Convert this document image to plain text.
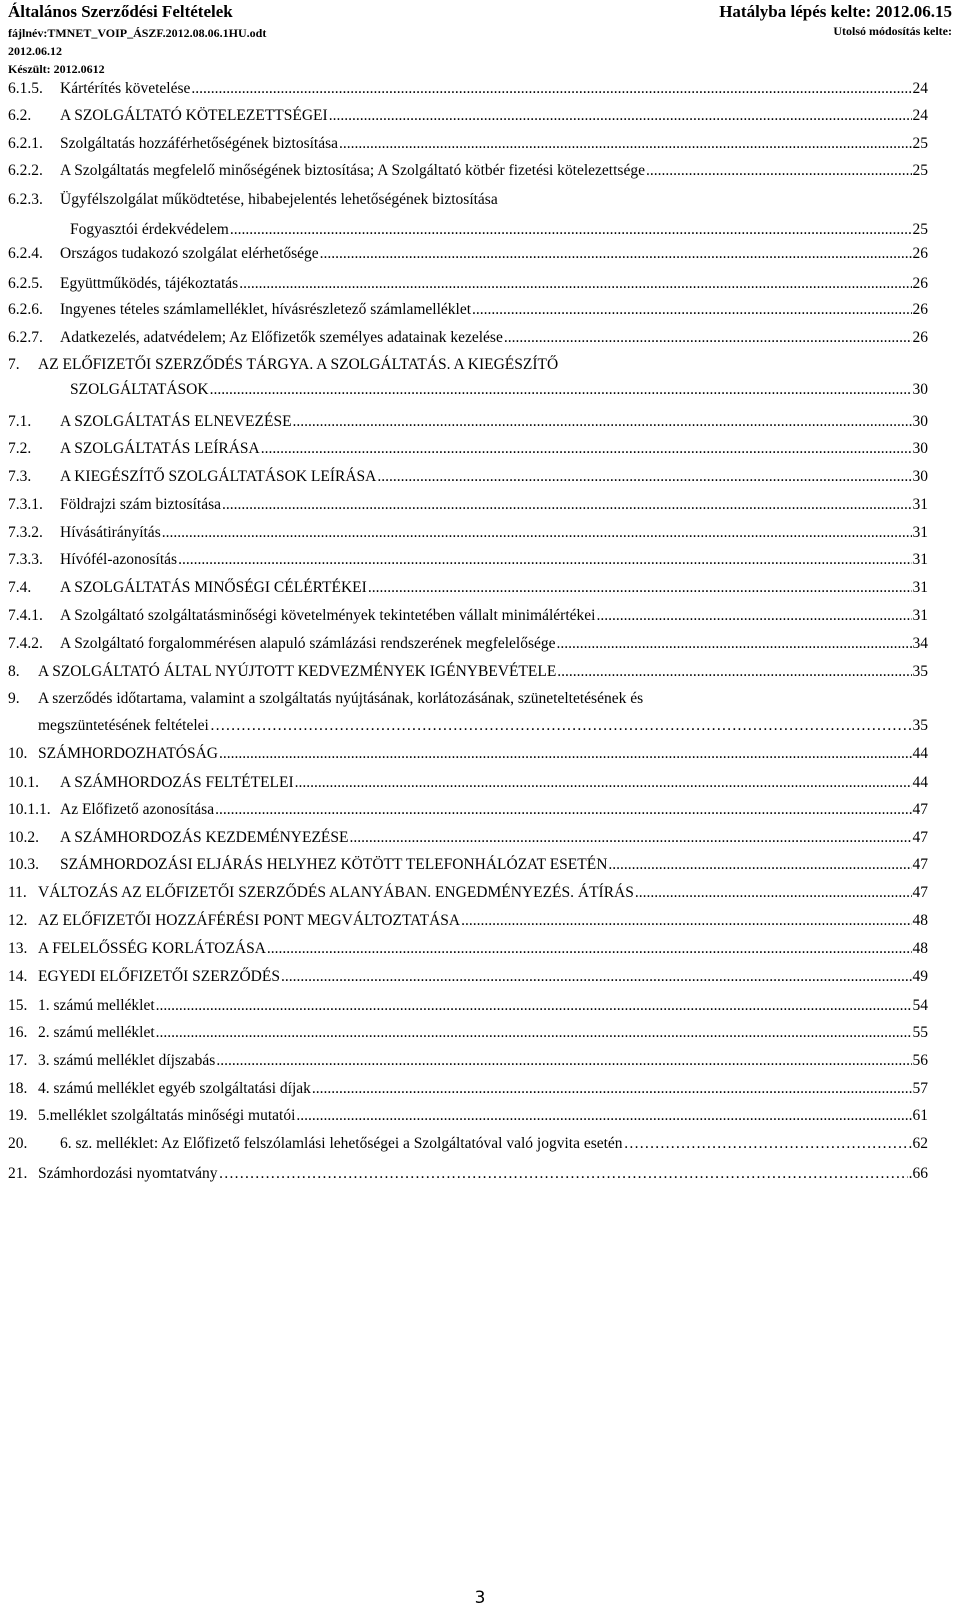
Általános Szerződési Feltételek	Hatályba lépés kelte: 2012.06.15
fájlnév:TMNET_VOIP_ÁSZF.2012.08.06.1HU.odt
2012.06.12
Készült: 2012.0612
Utolsó módosítás kelte:
6.1.5.	Kártérítés követelése .....	24
6.2.	A SZOLGÁLTATÓ KÖTELEZETTSÉGEI .....	24
6.2.1.	Szolgáltatás hozzáférhetőségének biztosítása .....	25
6.2.2.	A Szolgáltatás megfelelő minőségének biztosítása; A Szolgáltató kötbér fizetési kötelezettsége .....	25
6.2.3.	Ügyfélszolgálat működtetése, hibabejelentés lehetőségének biztosítása
Fogyasztói érdekvédelem .....	25
6.2.4.	Országos tudakozó szolgálat elérhetősége .....	26
6.2.5.	Együttműködés, tájékoztatás .....	26
6.2.6.	Ingyenes tételes számlamelléklet, hívásrészletező számlamelléklet .....	26
6.2.7.	Adatkezelés, adatvédelem; Az Előfizetők személyes adatainak kezelése .....	26
7.	AZ ELŐFIZETŐI SZERZŐDÉS TÁRGYA. A SZOLGÁLTATÁS. A KIEGÉSZÍTŐ
SZOLGÁLTATÁSOK .....	30
7.1.	A SZOLGÁLTATÁS ELNEVEZÉSE .....	30
7.2.	A SZOLGÁLTATÁS LEÍRÁSA .....	30
7.3.	A KIEGÉSZÍTŐ SZOLGÁLTATÁSOK LEÍRÁSA .....	30
7.3.1.	Földrajzi szám biztosítása .....	31
7.3.2.	Hívásátirányítás .....	31
7.3.3.	Hívófél-azonosítás .....	31
7.4.	A SZOLGÁLTATÁS MINŐSÉGI CÉLÉRTÉKEI .....	31
7.4.1.	A Szolgáltató szolgáltatásminőségi követelmények tekintetében vállalt minimálértékei .....	31
7.4.2.	A Szolgáltató forgalommérésen alapuló számlázási rendszerének megfelelősége .....	34
8.	A SZOLGÁLTATÓ ÁLTAL NYÚJTOTT KEDVEZMÉNYEK IGÉNYBEVÉTELE .....	35
9.	A szerződés időtartama, valamint a szolgáltatás nyújtásának, korlátozásának, szüneteltetésének és
megszüntetésének feltételei ……………………………………………………………………………………………………………………………………………………	35
10. SZÁMHORDOZHATÓSÁG .....	44
10.1.	A SZÁMHORDOZÁS FELTÉTELEI .....	44
10.1.1. Az Előfizető azonosítása .....	47
10.2.	A SZÁMHORDOZÁS KEZDEMÉNYEZÉSE .....	47
10.3.	SZÁMHORDOZÁSI ELJÁRÁS HELYHEZ KÖTÖTT TELEFONHÁLÓZAT ESETÉN .....	47
11. VÁLTOZÁS AZ ELŐFIZETŐI SZERZŐDÉS ALANYÁBAN. ENGEDMÉNYEZÉS. ÁTÍRÁS .....	47
12. AZ ELŐFIZETŐI HOZZÁFÉRÉSI PONT MEGVÁLTOZTATÁSA .....	48
13. A FELELŐSSÉG KORLÁTOZÁSA .....	48
14. EGYEDI ELŐFIZETŐI SZERZŐDÉS .....	49
15. 1. számú melléklet .....	54
16. 2. számú melléklet .....	55
17. 3. számú melléklet díjszabás .....	56
18. 4. számú melléklet egyéb szolgáltatási díjak .....	57
19. 5.melléklet szolgáltatás minőségi mutatói .....	61
20.	6. sz. melléklet: Az Előfizető felszólamlási lehetőségei a Szolgáltatóval való jogvita esetén ……………………………………………………………………………………………………………………………………………………	62
21. Számhordozási nyomtatvány ……………………………………………………………………………………………………………………………………………………	.66
3
